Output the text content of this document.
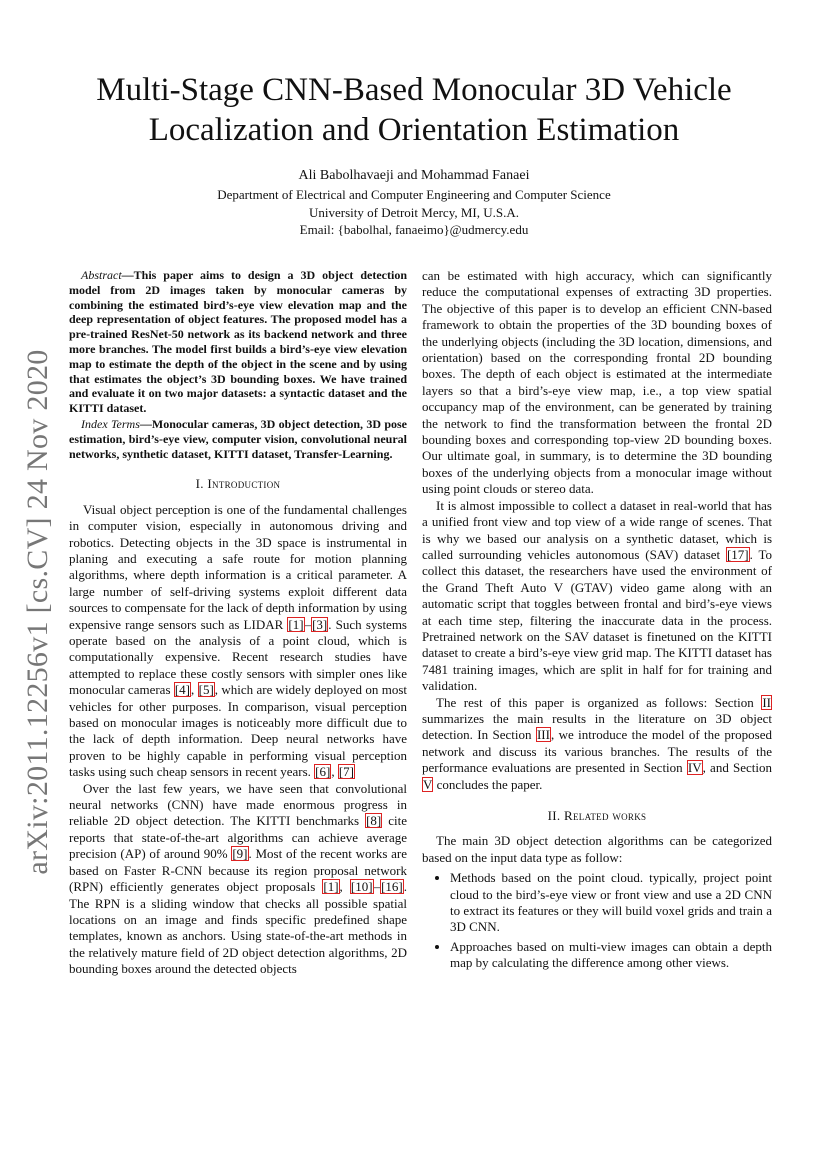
arXiv:2011.12256v1 [cs.CV] 24 Nov 2020
Multi-Stage CNN-Based Monocular 3D Vehicle Localization and Orientation Estimation
Ali Babolhavaeji and Mohammad Fanaei
Department of Electrical and Computer Engineering and Computer Science
University of Detroit Mercy, MI, U.S.A.
Email: {babolhal, fanaeimo}@udmercy.edu

Abstract—This paper aims to design a 3D object detection model from 2D images taken by monocular cameras by combining the estimated bird’s-eye view elevation map and the deep representation of object features. The proposed model has a pre-trained ResNet-50 network as its backend network and three more branches. The model first builds a bird’s-eye view elevation map to estimate the depth of the object in the scene and by using that estimates the object’s 3D bounding boxes. We have trained and evaluate it on two major datasets: a syntactic dataset and the KITTI dataset.

Index Terms—Monocular cameras, 3D object detection, 3D pose estimation, bird’s-eye view, computer vision, convolutional neural networks, synthetic dataset, KITTI dataset, Transfer-Learning.

I. Introduction

Visual object perception is one of the fundamental challenges in computer vision, especially in autonomous driving and robotics. Detecting objects in the 3D space is instrumental in planing and executing a safe route for motion planning algorithms, where depth information is a critical parameter. A large number of self-driving systems exploit different data sources to compensate for the lack of depth information by using expensive range sensors such as LIDAR [1]–[3]. Such systems operate based on the analysis of a point cloud, which is computationally expensive. Recent research studies have attempted to replace these costly sensors with simpler ones like monocular cameras [4], [5], which are widely deployed on most vehicles for other purposes. In comparison, visual perception based on monocular images is noticeably more difficult due to the lack of depth information. Deep neural networks have proven to be highly capable in performing visual perception tasks using such cheap sensors in recent years. [6], [7]

Over the last few years, we have seen that convolutional neural networks (CNN) have made enormous progress in reliable 2D object detection. The KITTI benchmarks [8] cite reports that state-of-the-art algorithms can achieve average precision (AP) of around 90% [9]. Most of the recent works are based on Faster R-CNN because its region proposal network (RPN) efficiently generates object proposals [1], [10]–[16]. The RPN is a sliding window that checks all possible spatial locations on an image and finds specific predefined shape templates, known as anchors. Using state-of-the-art methods in the relatively mature field of 2D object detection algorithms, 2D bounding boxes around the detected objects

can be estimated with high accuracy, which can significantly reduce the computational expenses of extracting 3D properties. The objective of this paper is to develop an efficient CNN-based framework to obtain the properties of the 3D bounding boxes of the underlying objects (including the 3D location, dimensions, and orientation) based on the corresponding frontal 2D bounding boxes. The depth of each object is estimated at the intermediate layers so that a bird’s-eye view map, i.e., a top view spatial occupancy map of the environment, can be generated by training the network to find the transformation between the frontal 2D bounding boxes and corresponding top-view 2D bounding boxes. Our ultimate goal, in summary, is to determine the 3D bounding boxes of the underlying objects from a monocular image without using point clouds or stereo data.

It is almost impossible to collect a dataset in real-world that has a unified front view and top view of a wide range of scenes. That is why we based our analysis on a synthetic dataset, which is called surrounding vehicles autonomous (SAV) dataset [17]. To collect this dataset, the researchers have used the environment of the Grand Theft Auto V (GTAV) video game along with an automatic script that toggles between frontal and bird’s-eye views at each time step, filtering the inaccurate data in the process. Pretrained network on the SAV dataset is finetuned on the KITTI dataset to create a bird’s-eye view grid map. The KITTI dataset has 7481 training images, which are split in half for for training and validation.

The rest of this paper is organized as follows: Section II summarizes the main results in the literature on 3D object detection. In Section III, we introduce the model of the proposed network and discuss its various branches. The results of the performance evaluations are presented in Section IV, and Section V concludes the paper.

II. Related works

The main 3D object detection algorithms can be categorized based on the input data type as follow:

• Methods based on the point cloud. typically, project point cloud to the bird’s-eye view or front view and use a 2D CNN to extract its features or they will build voxel grids and train a 3D CNN.
• Approaches based on multi-view images can obtain a depth map by calculating the difference among other views.
